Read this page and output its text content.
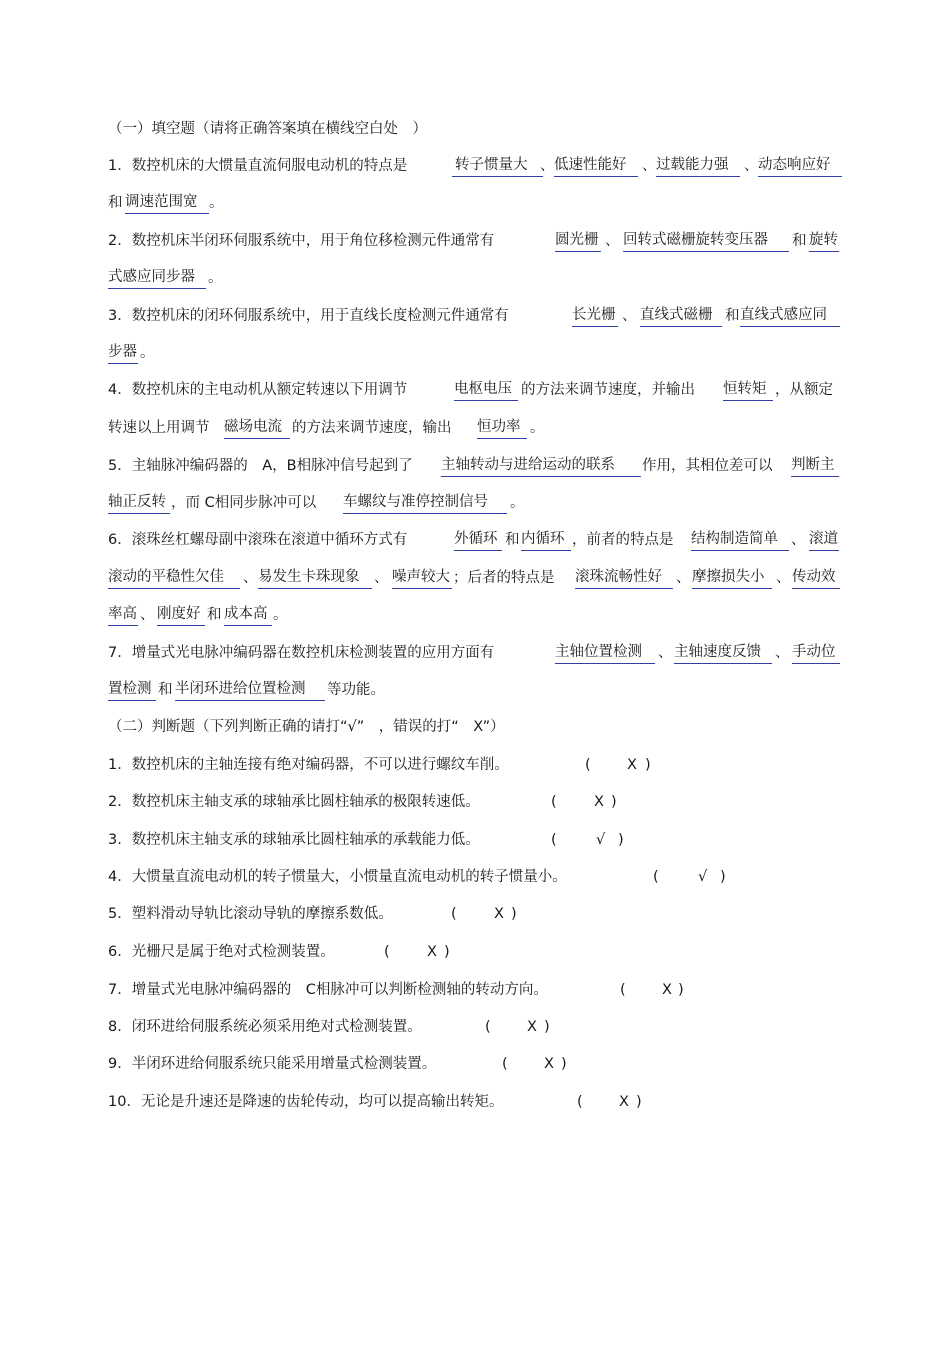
（一）填空题（请将正确答案填在横线空白处　）
1．数控机床的大惯量直流伺服电动机的特点是	转子惯量大 、 低速性能好	、 过载能力强	、 动态响应好
和 调速范围宽 。
2．数控机床半闭环伺服系统中，用于角位移检测元件通常有	圆光栅 、 回转式磁栅旋转变压器	和 旋转
式感应同步器 。
3．数控机床的闭环伺服系统中，用于直线长度检测元件通常有	长光栅 、 直线式磁栅 和 直线式感应同
步器 。
4．数控机床的主电动机从额定转速以下用调节	电枢电压 的方法来调节速度，并输出 恒转矩 ，从额定
转速以上用调节 磁场电流 的方法来调节速度，输出 恒功率 。
5．主轴脉冲编码器的　A，B相脉冲信号起到了 主轴转动与进给运动的联系	作用，其相位差可以 判断主
轴正反转 ，而 C相同步脉冲可以 车螺纹与准停控制信号	。
6．滚珠丝杠螺母副中滚珠在滚道中循环方式有	外循环 和 内循环 ，前者的特点是 结构制造简单 、 滚道
滚动的平稳性欠佳	、 易发生卡珠现象	、 噪声较大 ；后者的特点是 滚珠流畅性好 、 摩擦损失小 、 传动效
率高 、 刚度好 和 成本高 。
7．增量式光电脉冲编码器在数控机床检测装置的应用方面有	主轴位置检测	、 主轴速度反馈 、 手动位
置检测 和 半闭环进给位置检测	等功能。
（二）判断题（下列判断正确的请打“√”　，错误的打“　X”）
1．数控机床的主轴连接有绝对编码器，不可以进行螺纹车削。	(	X )
2．数控机床主轴支承的球轴承比圆柱轴承的极限转速低。	(	X )
3．数控机床主轴支承的球轴承比圆柱轴承的承载能力低。	(	√ )
4．大惯量直流电动机的转子惯量大，小惯量直流电动机的转子惯量小。	(	√ )
5．塑料滑动导轨比滚动导轨的摩擦系数低。	(	X )
6．光栅尺是属于绝对式检测装置。	(	X )
7．增量式光电脉冲编码器的　C相脉冲可以判断检测轴的转动方向。	(	X )
8．闭环进给伺服系统必须采用绝对式检测装置。	(	X )
9．半闭环进给伺服系统只能采用增量式检测装置。	(	X )
10．无论是升速还是降速的齿轮传动，均可以提高输出转矩。	(	X )
